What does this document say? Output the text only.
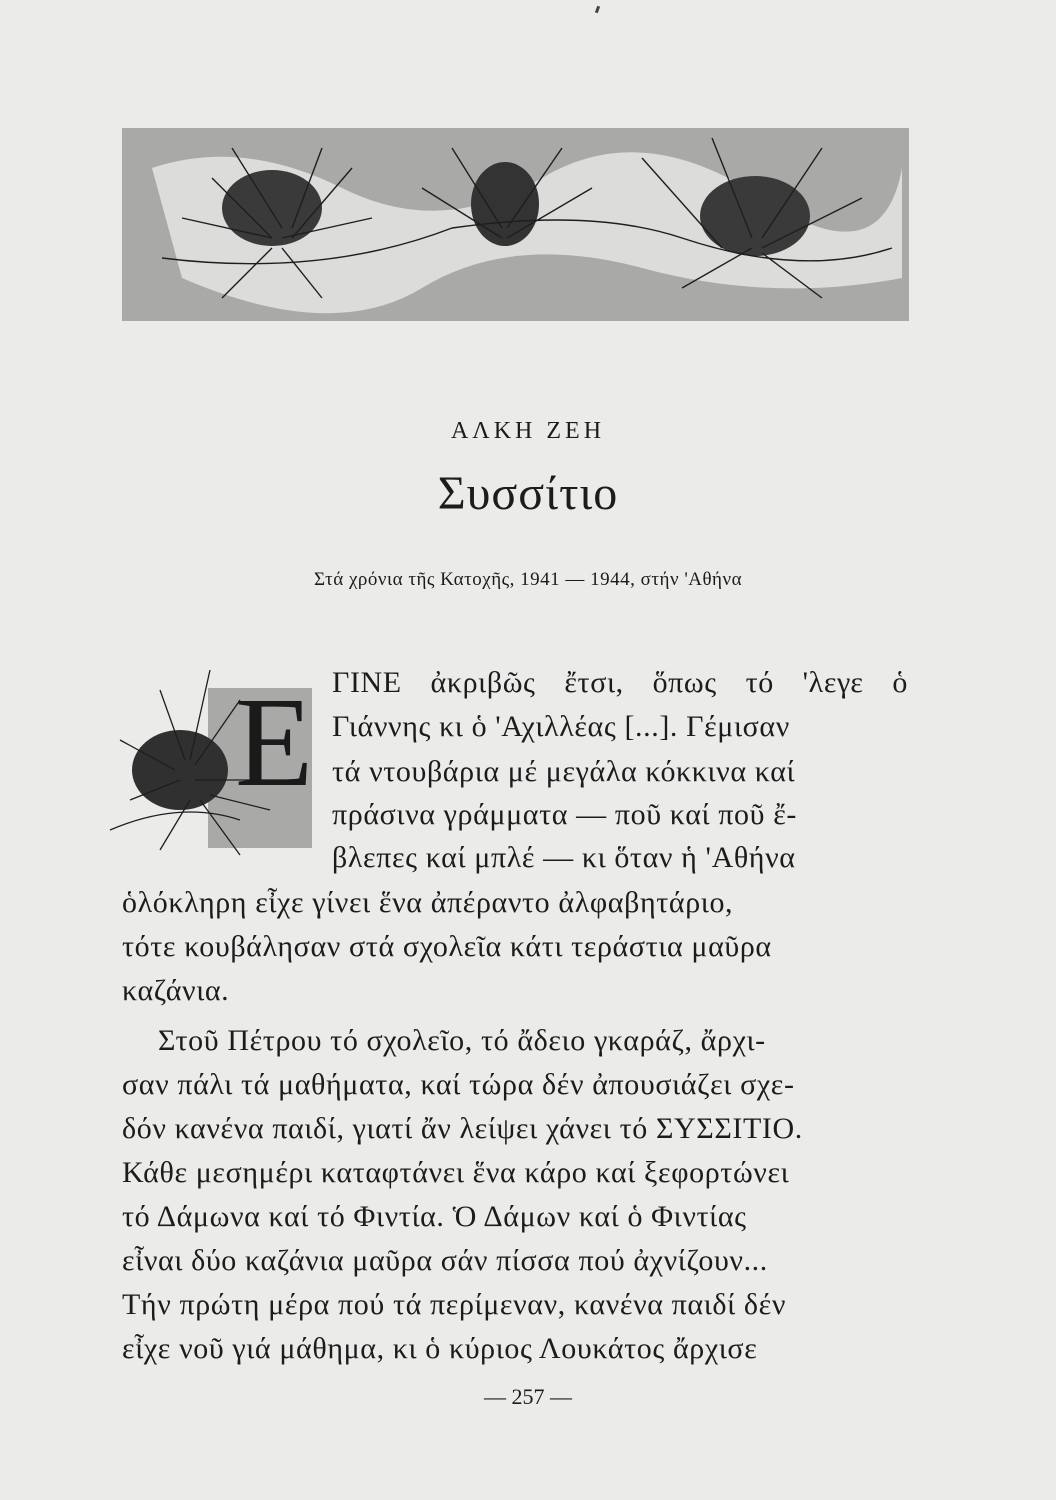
ΑΛΚΗ ΖΕΗ
Συσσίτιο
Στά χρόνια τῆς Κατοχῆς, 1941 — 1944, στήν 'Αθήνα
Ε ΓΙΝΕ ἀκριβῶς ἔτσι, ὅπως τό 'λεγε ὁ
Γιάννης κι ὁ 'Αχιλλέας [...]. Γέμισαν
τά ντουβάρια μέ μεγάλα κόκκινα καί
πράσινα γράμματα — ποῦ καί ποῦ ἔ-
βλεπες καί μπλέ — κι ὅταν ἡ 'Αθήνα
ὁλόκληρη εἶχε γίνει ἕνα ἀπέραντο ἀλφαβητάριο,
τότε κουβάλησαν στά σχολεῖα κάτι τεράστια μαῦρα
καζάνια.
Στοῦ Πέτρου τό σχολεῖο, τό ἄδειο γκαράζ, ἄρχι-
σαν πάλι τά μαθήματα, καί τώρα δέν ἀπουσιάζει σχε-
δόν κανένα παιδί, γιατί ἄν λείψει χάνει τό ΣΥΣΣΙΤΙΟ.
Κάθε μεσημέρι καταφτάνει ἕνα κάρο καί ξεφορτώνει
τό Δάμωνα καί τό Φιντία. Ὁ Δάμων καί ὁ Φιντίας
εἶναι δύο καζάνια μαῦρα σάν πίσσα πού ἀχνίζουν...
Τήν πρώτη μέρα πού τά περίμεναν, κανένα παιδί δέν
εἶχε νοῦ γιά μάθημα, κι ὁ κύριος Λουκάτος ἄρχισε
— 257 —
